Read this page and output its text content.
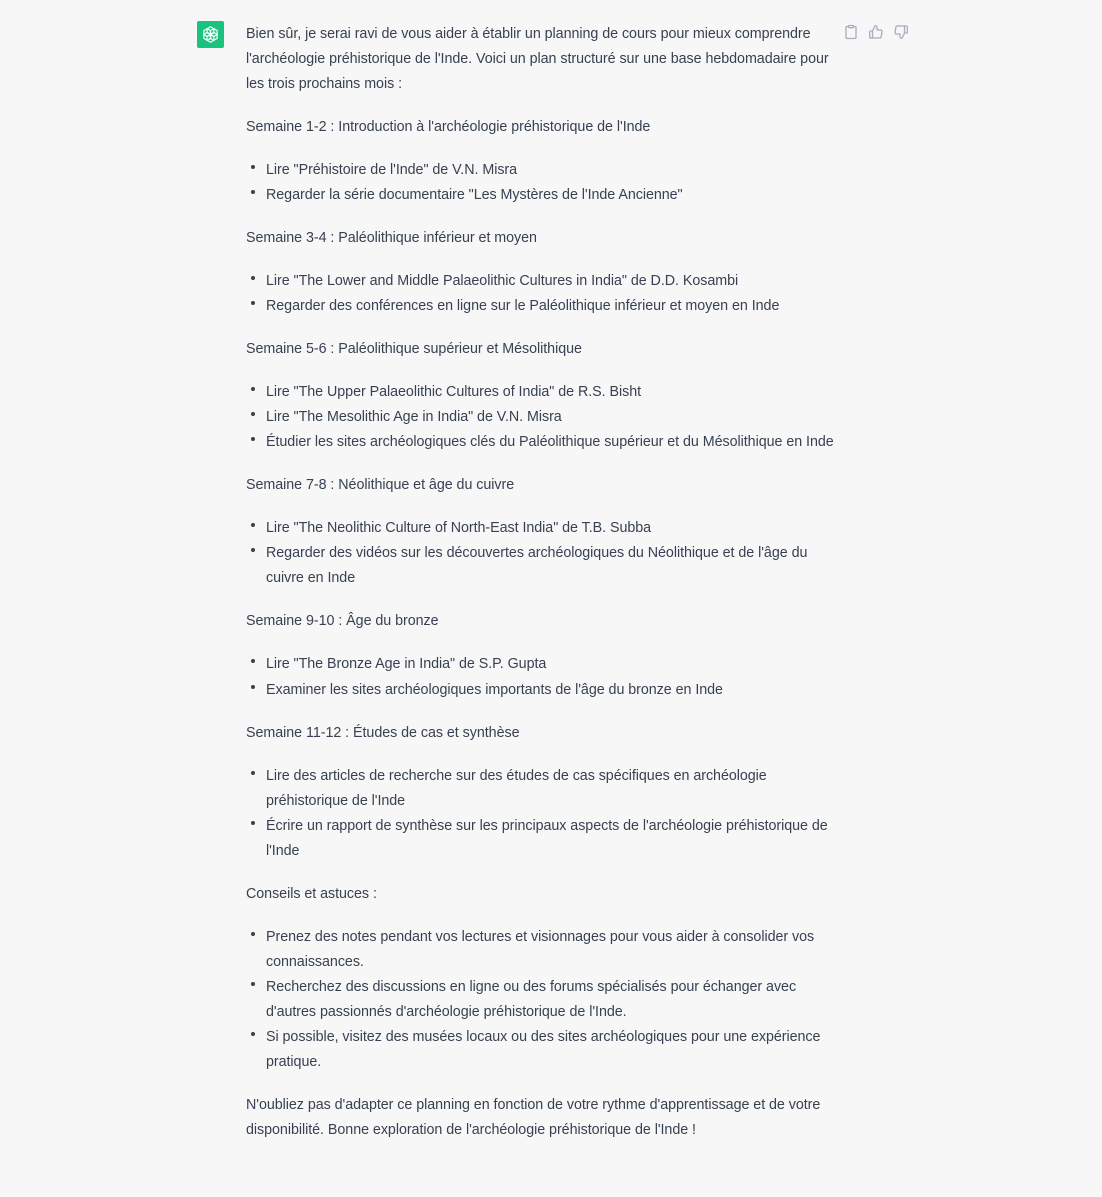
Bien sûr, je serai ravi de vous aider à établir un planning de cours pour mieux comprendre l'archéologie préhistorique de l'Inde. Voici un plan structuré sur une base hebdomadaire pour les trois prochains mois :

Semaine 1-2 : Introduction à l'archéologie préhistorique de l'Inde

Lire "Préhistoire de l'Inde" de V.N. Misra
Regarder la série documentaire "Les Mystères de l'Inde Ancienne"

Semaine 3-4 : Paléolithique inférieur et moyen

Lire "The Lower and Middle Palaeolithic Cultures in India" de D.D. Kosambi
Regarder des conférences en ligne sur le Paléolithique inférieur et moyen en Inde

Semaine 5-6 : Paléolithique supérieur et Mésolithique

Lire "The Upper Palaeolithic Cultures of India" de R.S. Bisht
Lire "The Mesolithic Age in India" de V.N. Misra
Étudier les sites archéologiques clés du Paléolithique supérieur et du Mésolithique en Inde

Semaine 7-8 : Néolithique et âge du cuivre

Lire "The Neolithic Culture of North-East India" de T.B. Subba
Regarder des vidéos sur les découvertes archéologiques du Néolithique et de l'âge du cuivre en Inde

Semaine 9-10 : Âge du bronze

Lire "The Bronze Age in India" de S.P. Gupta
Examiner les sites archéologiques importants de l'âge du bronze en Inde

Semaine 11-12 : Études de cas et synthèse

Lire des articles de recherche sur des études de cas spécifiques en archéologie préhistorique de l'Inde
Écrire un rapport de synthèse sur les principaux aspects de l'archéologie préhistorique de l'Inde

Conseils et astuces :

Prenez des notes pendant vos lectures et visionnages pour vous aider à consolider vos connaissances.
Recherchez des discussions en ligne ou des forums spécialisés pour échanger avec d'autres passionnés d'archéologie préhistorique de l'Inde.
Si possible, visitez des musées locaux ou des sites archéologiques pour une expérience pratique.

N'oubliez pas d'adapter ce planning en fonction de votre rythme d'apprentissage et de votre disponibilité. Bonne exploration de l'archéologie préhistorique de l'Inde !
